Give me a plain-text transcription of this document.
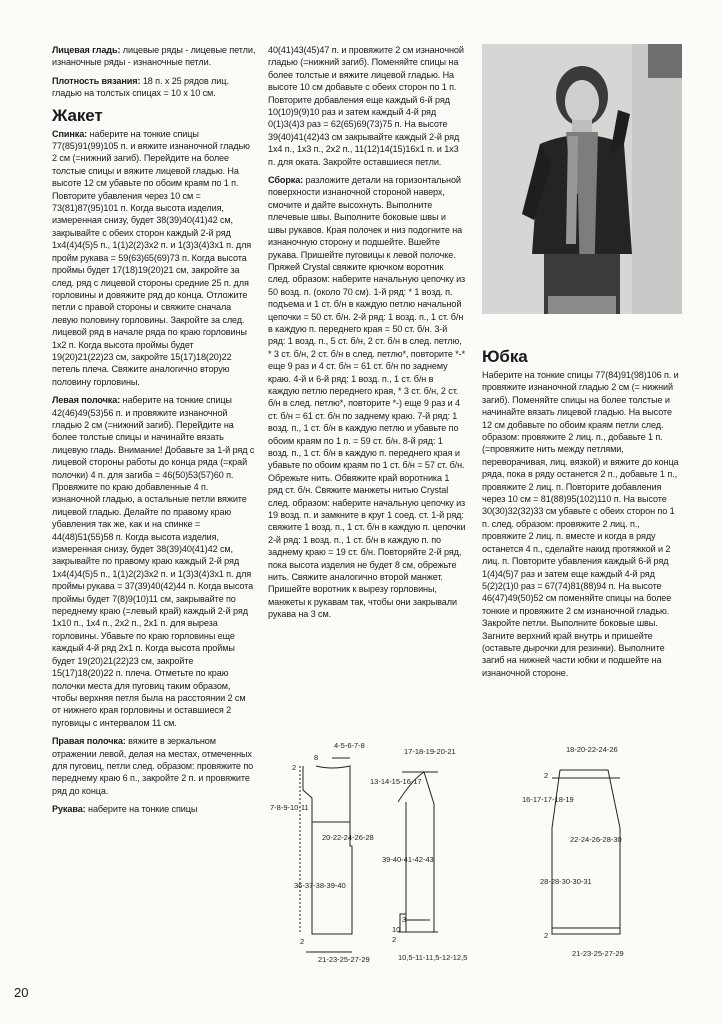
Лицевая гладь: лицевые ряды - лицевые петли, изнаночные ряды - изнаночные петли.

Плотность вязания: 18 п. х 25 рядов лиц. гладью на толстых спицах = 10 х 10 см.

Жакет

Спинка: наберите на тонкие спицы 77(85)91(99)105 п. и вяжите изнаночной гладью 2 см (=нижний загиб). Перейдите на более толстые спицы и вяжите лицевой гладью. На высоте 12 см убавьте по обоим краям по 1 п. Повторите убавления через 10 см = 73(81)87(95)101 п. Когда высота изделия, измеренная снизу, будет 38(39)40(41)42 см, закрывайте с обеих сторон каждый 2-й ряд 1х4(4)4(5)5 п., 1(1)2(2)3х2 п. и 1(3)3(4)3х1 п. для пройм рукава = 59(63)65(69)73 п. Когда высота проймы будет 17(18)19(20)21 см, закройте за след. ряд с лицевой стороны средние 25 п. для горловины и довяжите ряд до конца. Отложите петли с правой стороны и свяжите сначала левую половину горловины. Закройте за след. лицевой ряд в начале ряда по краю горловины 1х2 п. Когда высота проймы будет 19(20)21(22)23 см, закройте 15(17)18(20)22 петель плеча. Свяжите аналогично вторую половину горловины.

Левая полочка: наберите на тонкие спицы 42(46)49(53)56 п. и провяжите изнаночной гладью 2 см (=нижний загиб). Перейдите на более толстые спицы и начинайте вязать лицевую гладь. Внимание! Добавьте за 1-й ряд с лицевой стороны работы до конца ряда (=край полочки) 4 п. для загиба = 46(50)53(57)60 п. Провяжите по краю добавленные 4 п. изнаночной гладью, а остальные петли вяжите лицевой гладью. Делайте по правому краю убавления так же, как и на спинке = 44(48)51(55)58 п. Когда высота изделия, измеренная снизу, будет 38(39)40(41)42 см, закрывайте по правому краю каждый 2-й ряд 1х4(4)4(5)5 п., 1(1)2(2)3х2 п. и 1(3)3(4)3х1 п. для проймы рукава = 37(39)40(42)44 п. Когда высота проймы будет 7(8)9(10)11 см, закрывайте по переднему краю (=левый край) каждый 2-й ряд 1х10 п., 1х4 п., 2х2 п., 2х1 п. для выреза горловины. Убавьте по краю горловины еще каждый 4-й ряд 2х1 п. Когда высота проймы будет 19(20)21(22)23 см, закройте 15(17)18(20)22 п. плеча. Отметьте по краю полочки места для пуговиц таким образом, чтобы верхняя петля была на расстоянии 2 см от нижнего края горловины и оставшиеся 2 пуговицы с интервалом 11 см.

Правая полочка: вяжите в зеркальном отражении левой, делая на местах, отмеченных для пуговиц, петли след. образом: провяжите по переднему краю 6 п., закройте 2 п. и провяжите ряд до конца.

Рукава: наберите на тонкие спицы

40(41)43(45)47 п. и провяжите 2 см изнаночной гладью (=нижний загиб). Поменяйте спицы на более толстые и вяжите лицевой гладью. На высоте 10 см добавьте с обеих сторон по 1 п. Повторите добавления еще каждый 6-й ряд 10(10)9(9)10 раз и затем каждый 4-й ряд 0(1)3(4)3 раз = 62(65)69(73)75 п. На высоте 39(40)41(42)43 см закрывайте каждый 2-й ряд 1х4 п., 1х3 п., 2х2 п., 11(12)14(15)16х1 п. и 1х3 п. для оката. Закройте оставшиеся петли.

Сборка: разложите детали на горизонтальной поверхности изнаночной стороной наверх, смочите и дайте высохнуть. Выполните плечевые швы. Выполните боковые швы и швы рукавов. Края полочек и низ подогните на изнаночную сторону и подшейте. Вшейте рукава. Пришейте пуговицы к левой полочке. Пряжей Crystal свяжите крючком воротник след. образом: наберите начальную цепочку из 50 возд. п. (около 70 см). 1-й ряд: * 1 возд. п. подъема и 1 ст. б/н в каждую петлю начальной цепочки = 50 ст. б/н. 2-й ряд: 1 возд. п., 1 ст. б/н в каждую п. переднего края = 50 ст. б/н. 3-й ряд: 1 возд. п., 5 ст. б/н, 2 ст. б/н в след. петлю, * 3 ст. б/н, 2 ст. б/н в след. петлю*, повторите *-* еще 9 раз и 4 ст. б/н = 61 ст. б/н по заднему краю. 4-й и 6-й ряд: 1 возд. п., 1 ст. б/н в каждую петлю переднего края, * 3 ст. б/н, 2 ст. б/н в след. петлю*, повторите *-) еще 9 раз и 4 ст. б/н = 61 ст. б/н по заднему краю. 7-й ряд: 1 возд. п., 1 ст. б/н в каждую петлю и убавьте по обоим краям по 1 п. = 59 ст. б/н. 8-й ряд: 1 возд. п., 1 ст. б/н в каждую п. переднего края и убавьте по обоим краям по 1 ст. б/н = 57 ст. б/н. Обрежьте нить. Обвяжите край воротника 1 ряд ст. б/н. Свяжите манжеты нитью Crystal след. образом: наберите начальную цепочку из 19 возд. п. и замкните в круг 1 соед. ст. 1-й ряд: свяжите 1 возд. п., 1 ст. б/н в каждую п. цепочки 2-й ряд: 1 возд. п., 1 ст. б/н в каждую п. по заднему краю = 19 ст. б/н. Повторяйте 2-й ряд, пока высота изделия не будет 8 см, обрежьте нить. Свяжите аналогично второй манжет. Пришейте воротник к вырезу горловины, манжеты к рукавам так, чтобы они закрывали рукава на 3 см.

Юбка

Наберите на тонкие спицы 77(84)91(98)106 п. и провяжите изнаночной гладью 2 см (= нижний загиб). Поменяйте спицы на более толстые и начинайте вязать лицевой гладью. На высоте 12 см добавьте по обоим краям петли след. образом: провяжите 2 лиц. п., добавьте 1 п. (=провяжите нить между петлями, переворачивая, лиц. вязкой) и вяжите до конца ряда, пока в ряду останется 2 п., добавьте 1 п., провяжите 2 лиц. п. Повторите добавления через 10 см = 81(88)95(102)110 п. На высоте 30(30)32(32)33 см убавьте с обеих сторон по 1 п. след. образом: провяжите 2 лиц. п., провяжите 2 лиц. п. вместе и когда в ряду останется 4 п., сделайте накид протяжкой и 2 лиц. п. Повторите убавления каждый 6-й ряд 1(4)4(5)7 раз и затем еще каждый 4-й ряд 5(2)2(1)0 раз = 67(74)81(88)94 п. На высоте 46(47)49(50)52 см поменяйте спицы на более тонкие и провяжите 2 см изнаночной гладью. Закройте петли. Выполните боковые швы. Загните верхний край внутрь и пришейте (оставьте дырочки для резинки). Выполните загиб на нижней части юбки и подшейте на изнаночной стороне.

4-5-6-7-8
8
2
7-8-9-10-11
20-22-24-26-28
36-37-38-39-40
2
21-23-25-27-29
17-18-19-20-21
13-14-15-16-17
39-40-41-42-43
3
10
2
10,5-11-11,5-12-12,5
18-20-22-24-26
2
16-17-17-18-19
22-24-26-28-30
28-28-30-30-31
2
21-23-25-27-29
20
